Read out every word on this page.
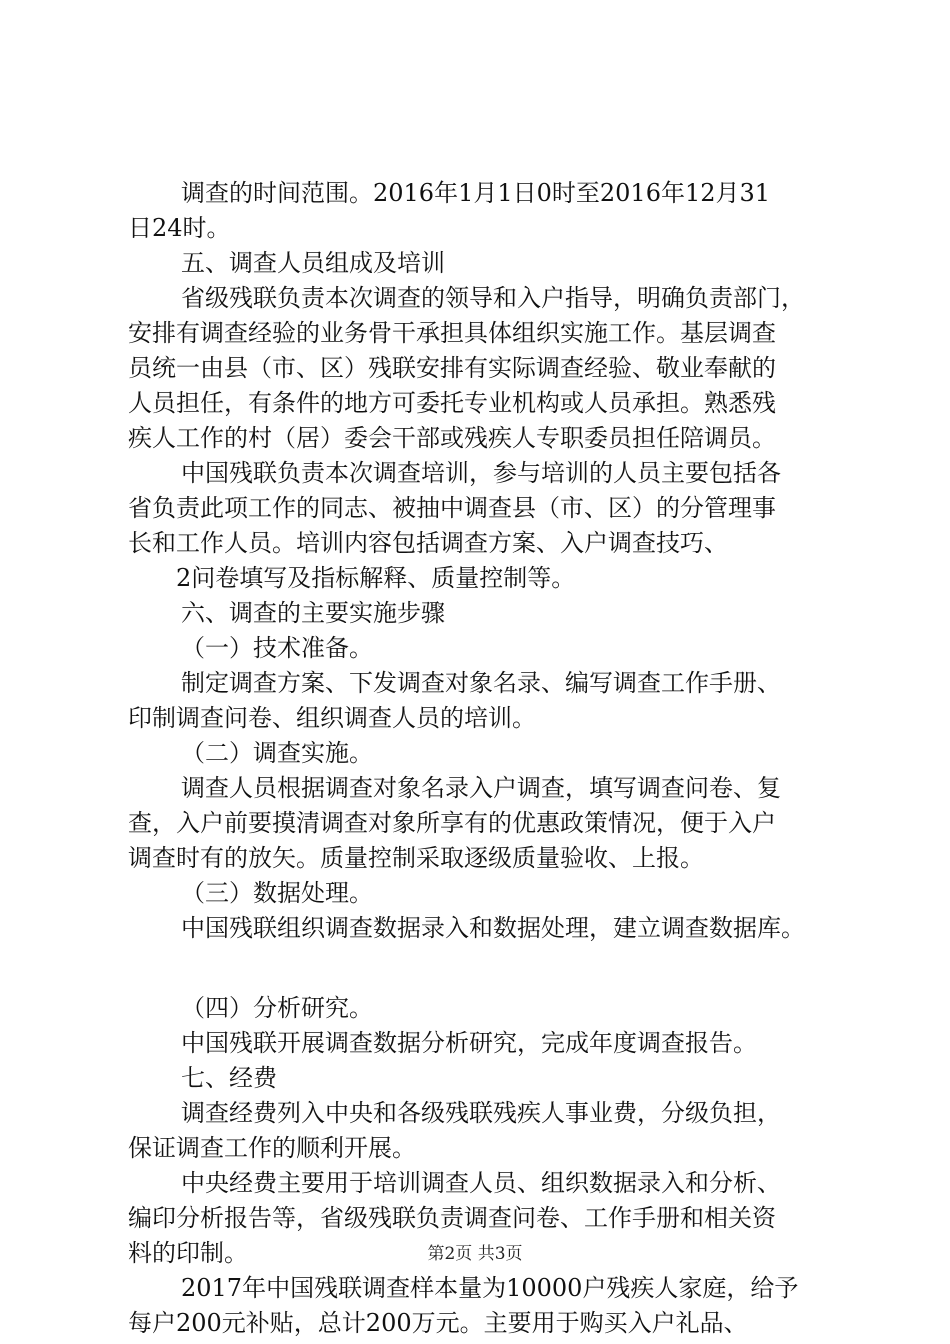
调查的时间范围。2016年1月1日0时至2016年12月31
日24时。
五、调查人员组成及培训
省级残联负责本次调查的领导和入户指导，明确负责部门，
安排有调查经验的业务骨干承担具体组织实施工作。基层调查
员统一由县（市、区）残联安排有实际调查经验、敬业奉献的
人员担任，有条件的地方可委托专业机构或人员承担。熟悉残
疾人工作的村（居）委会干部或残疾人专职委员担任陪调员。
中国残联负责本次调查培训，参与培训的人员主要包括各
省负责此项工作的同志、被抽中调查县（市、区）的分管理事
长和工作人员。培训内容包括调查方案、入户调查技巧、
2问卷填写及指标解释、质量控制等。
六、调查的主要实施步骤
（一）技术准备。
制定调查方案、下发调查对象名录、编写调查工作手册、
印制调查问卷、组织调查人员的培训。
（二）调查实施。
调查人员根据调查对象名录入户调查，填写调查问卷、复
查，入户前要摸清调查对象所享有的优惠政策情况，便于入户
调查时有的放矢。质量控制采取逐级质量验收、上报。
（三）数据处理。
中国残联组织调查数据录入和数据处理，建立调查数据库。
（四）分析研究。
中国残联开展调查数据分析研究，完成年度调查报告。
七、经费
调查经费列入中央和各级残联残疾人事业费，分级负担，
保证调查工作的顺利开展。
中央经费主要用于培训调查人员、组织数据录入和分析、
编印分析报告等，省级残联负责调查问卷、工作手册和相关资
料的印制。
2017年中国残联调查样本量为10000户残疾人家庭，给予
每户200元补贴，总计200万元。主要用于购买入户礼品、
第2页 共3页
